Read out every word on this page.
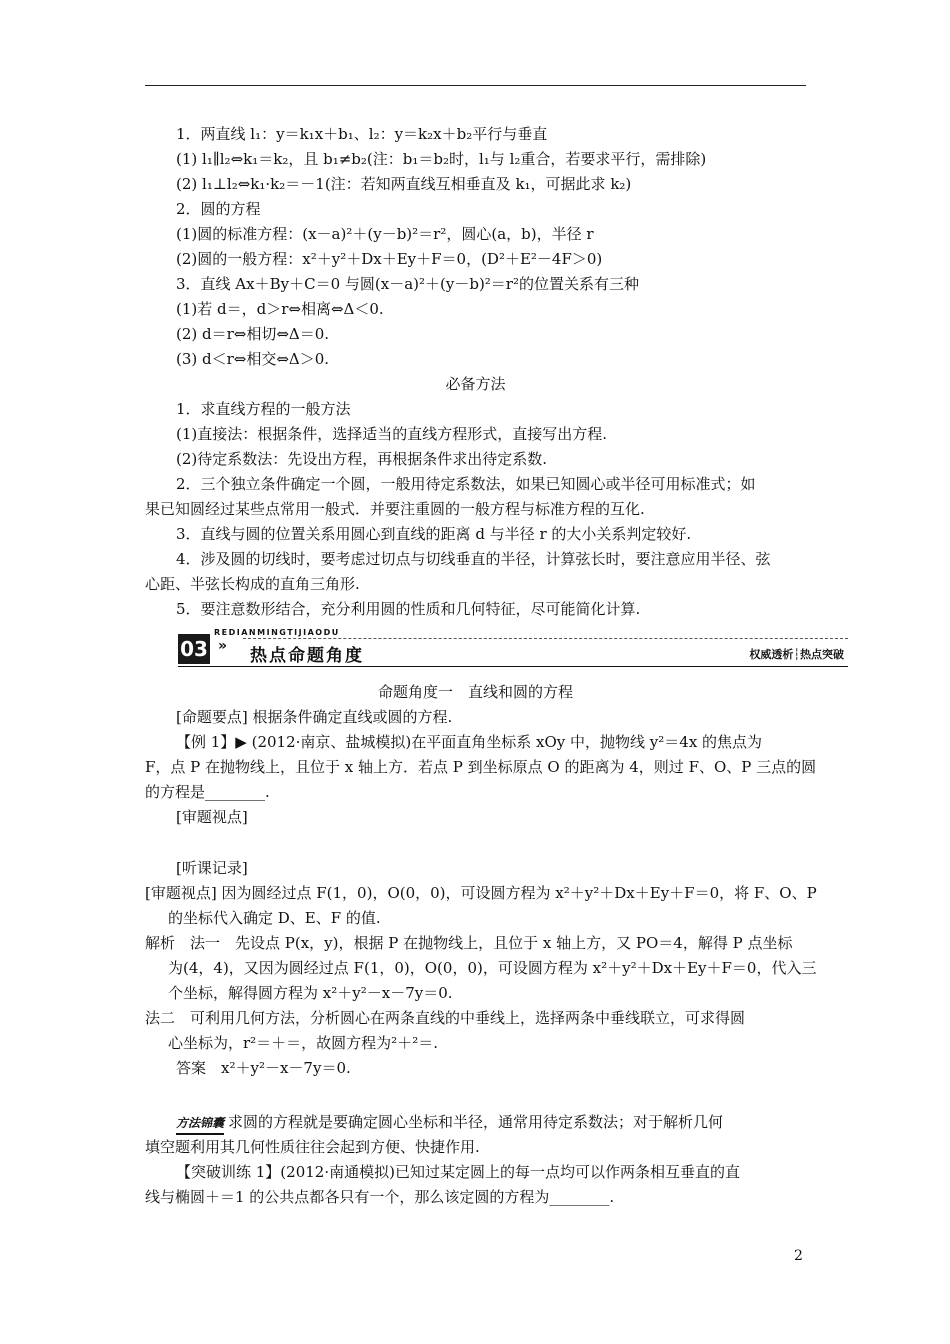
1．两直线 l₁：y＝k₁x＋b₁、l₂：y＝k₂x＋b₂平行与垂直
(1) l₁∥l₂⇔k₁＝k₂，且 b₁≠b₂(注：b₁＝b₂时，l₁与 l₂重合，若要求平行，需排除)
(2) l₁⊥l₂⇔k₁·k₂＝－1(注：若知两直线互相垂直及 k₁，可据此求 k₂)
2．圆的方程
(1)圆的标准方程：(x－a)²＋(y－b)²＝r²，圆心(a，b)，半径 r
(2)圆的一般方程：x²＋y²＋Dx＋Ey＋F＝0，(D²＋E²－4F＞0)
3．直线 Ax＋By＋C＝0 与圆(x－a)²＋(y－b)²＝r²的位置关系有三种
(1)若 d＝，d＞r⇔相离⇔Δ＜0.
(2) d＝r⇔相切⇔Δ＝0.
(3) d＜r⇔相交⇔Δ＞0.
必备方法
1．求直线方程的一般方法
(1)直接法：根据条件，选择适当的直线方程形式，直接写出方程.
(2)待定系数法：先设出方程，再根据条件求出待定系数.
2．三个独立条件确定一个圆，一般用待定系数法，如果已知圆心或半径可用标准式；如
果已知圆经过某些点常用一般式．并要注重圆的一般方程与标准方程的互化.
3．直线与圆的位置关系用圆心到直线的距离 d 与半径 r 的大小关系判定较好.
4．涉及圆的切线时，要考虑过切点与切线垂直的半径，计算弦长时，要注意应用半径、弦
心距、半弦长构成的直角三角形.
5．要注意数形结合，充分利用圆的性质和几何特征，尽可能简化计算.
REDIANMINGTIJIAODU
03 » 热点命题角度	权威透析┆热点突破
命题角度一　直线和圆的方程
[命题要点] 根据条件确定直线或圆的方程.
【例 1】▶ (2012·南京、盐城模拟)在平面直角坐标系 xOy 中，抛物线 y²＝4x 的焦点为
F，点 P 在抛物线上，且位于 x 轴上方．若点 P 到坐标原点 O 的距离为 4，则过 F、O、P 三点的圆
的方程是________.
[审题视点]
[听课记录]
[审题视点] 因为圆经过点 F(1，0)，O(0，0)，可设圆方程为 x²＋y²＋Dx＋Ey＋F＝0，将 F、O、P
的坐标代入确定 D、E、F 的值.
解析　法一　先设点 P(x，y)，根据 P 在抛物线上，且位于 x 轴上方，又 PO＝4，解得 P 点坐标
为(4，4)，又因为圆经过点 F(1，0)，O(0，0)，可设圆方程为 x²＋y²＋Dx＋Ey＋F＝0，代入三
个坐标，解得圆方程为 x²＋y²－x－7y＝0.
法二　可利用几何方法，分析圆心在两条直线的中垂线上，选择两条中垂线联立，可求得圆
心坐标为，r²＝＋＝，故圆方程为²＋²＝.
答案　x²＋y²－x－7y＝0.
方法锦囊 求圆的方程就是要确定圆心坐标和半径，通常用待定系数法；对于解析几何
填空题利用其几何性质往往会起到方便、快捷作用.
【突破训练 1】(2012·南通模拟)已知过某定圆上的每一点均可以作两条相互垂直的直
线与椭圆＋＝1 的公共点都各只有一个，那么该定圆的方程为________.
2
